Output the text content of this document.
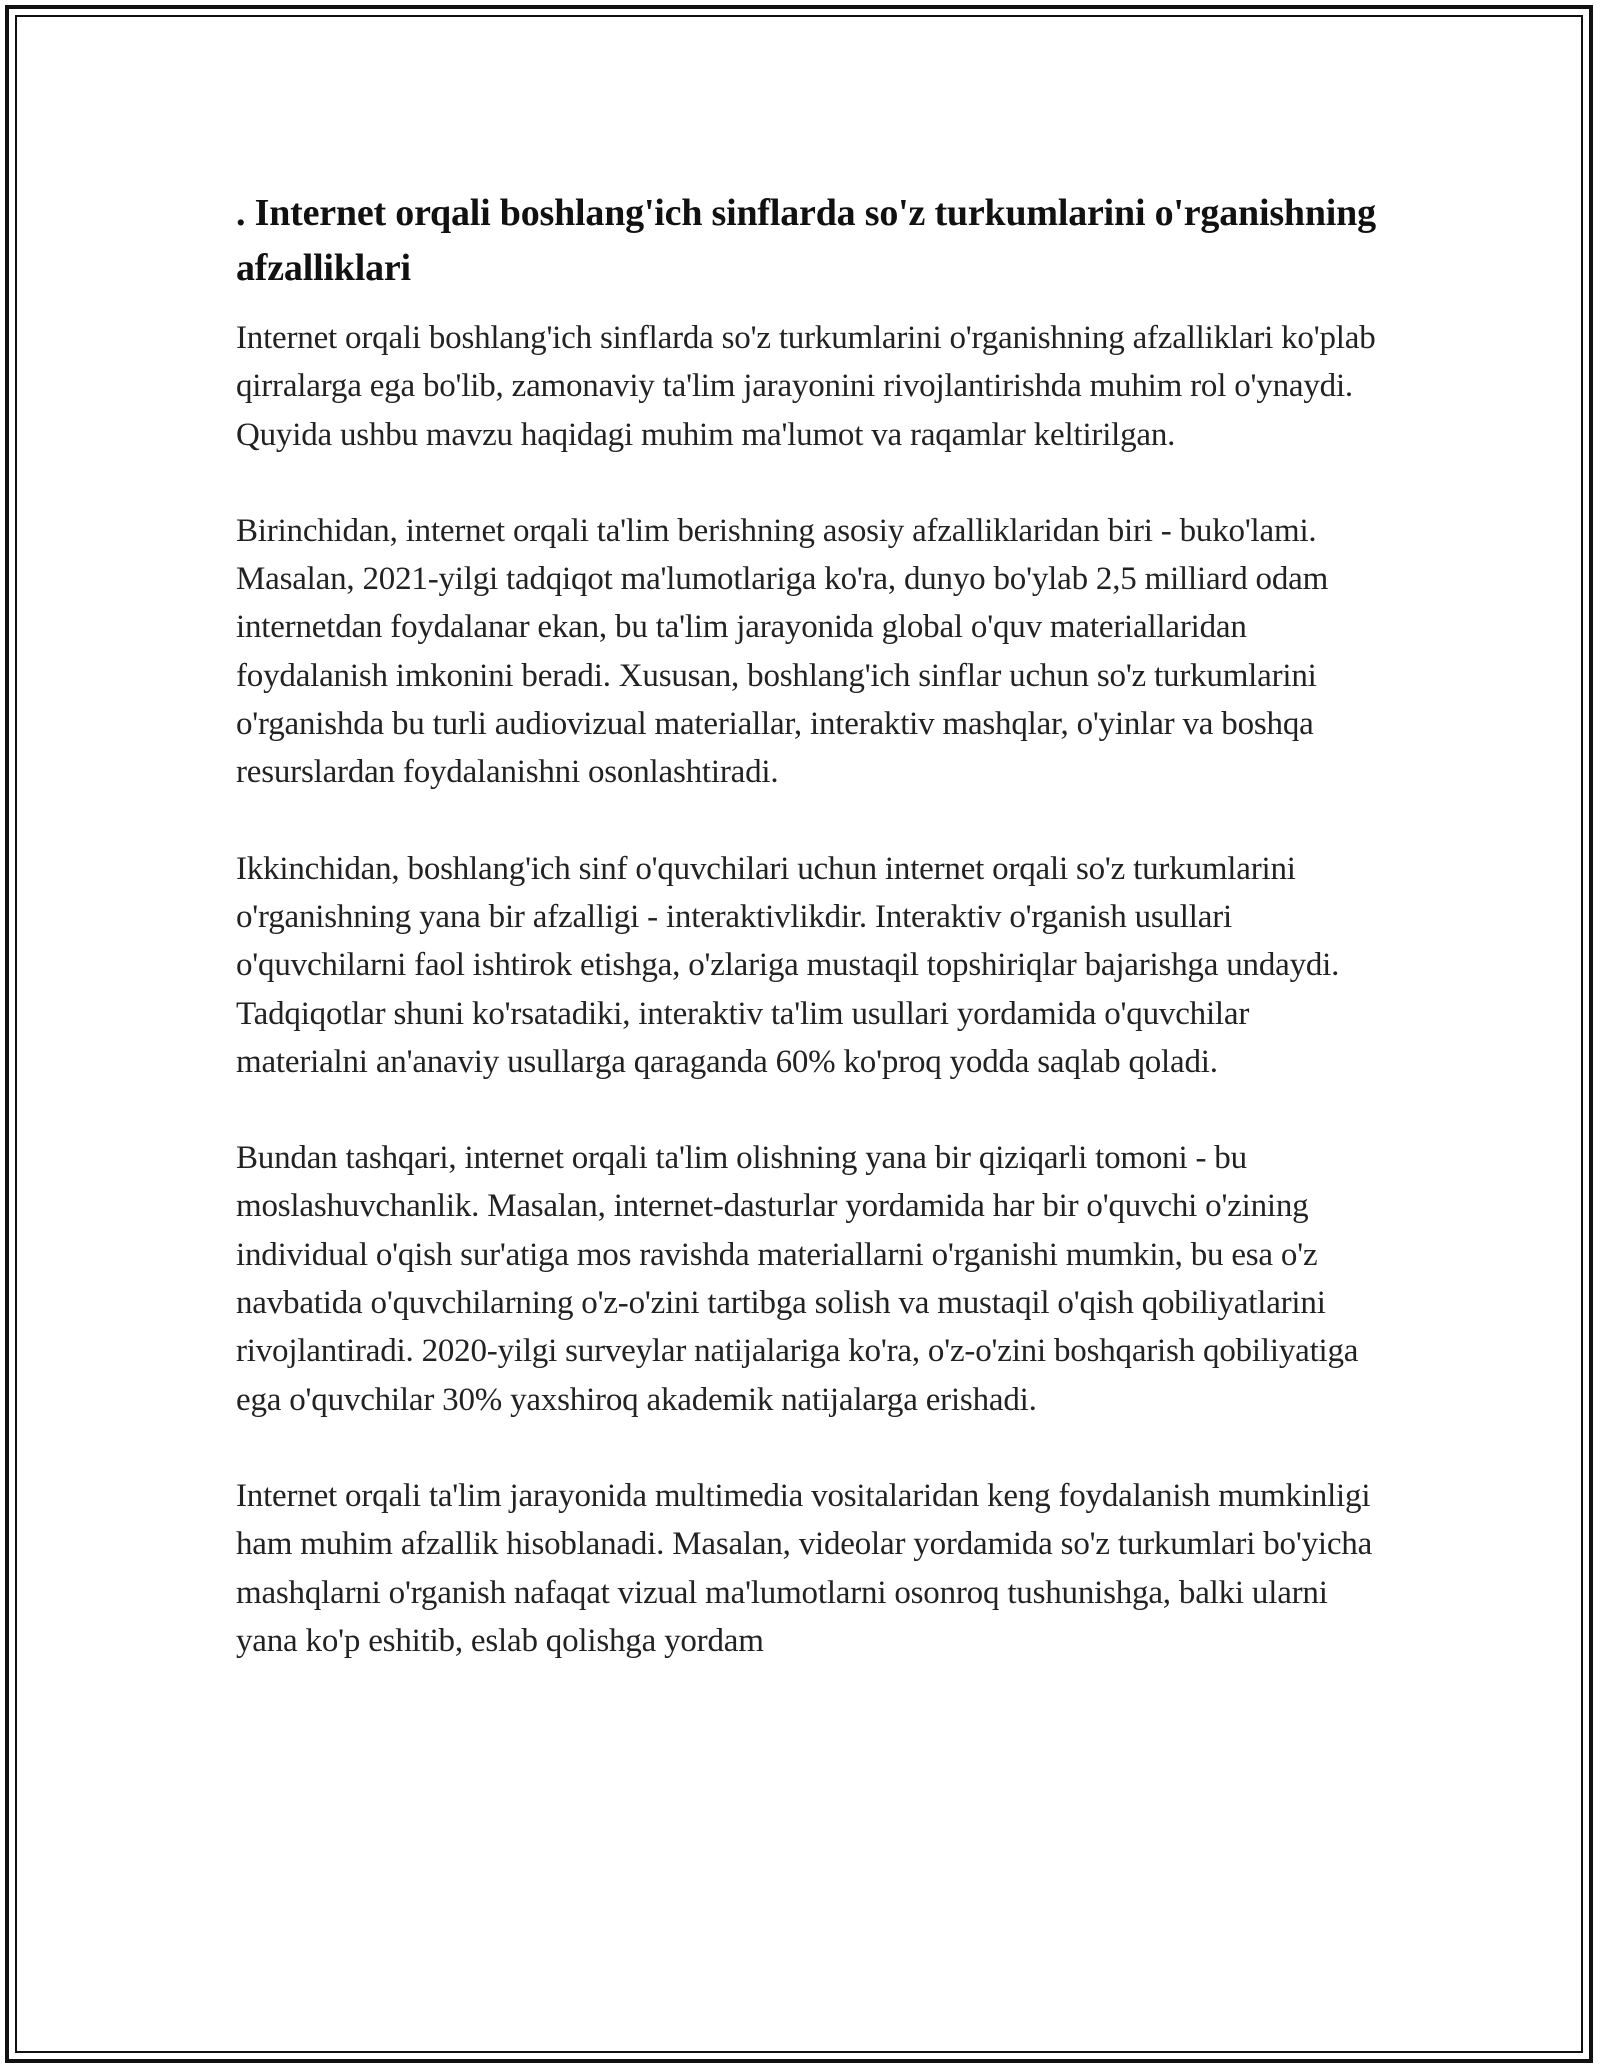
. Internet orqali boshlang'ich sinflarda so'z turkumlarini o'rganishning afzalliklari

Internet orqali boshlang'ich sinflarda so'z turkumlarini o'rganishning afzalliklari ko'plab qirralarga ega bo'lib, zamonaviy ta'lim jarayonini rivojlantirishda muhim rol o'ynaydi. Quyida ushbu mavzu haqidagi muhim ma'lumot va raqamlar keltirilgan.

Birinchidan, internet orqali ta'lim berishning asosiy afzalliklaridan biri - buko'lami. Masalan, 2021-yilgi tadqiqot ma'lumotlariga ko'ra, dunyo bo'ylab 2,5 milliard odam internetdan foydalanar ekan, bu ta'lim jarayonida global o'quv materiallaridan foydalanish imkonini beradi. Xususan, boshlang'ich sinflar uchun so'z turkumlarini o'rganishda bu turli audiovizual materiallar, interaktiv mashqlar, o'yinlar va boshqa resurslardan foydalanishni osonlashtiradi.

Ikkinchidan, boshlang'ich sinf o'quvchilari uchun internet orqali so'z turkumlarini o'rganishning yana bir afzalligi - interaktivlikdir. Interaktiv o'rganish usullari o'quvchilarni faol ishtirok etishga, o'zlariga mustaqil topshiriqlar bajarishga undaydi. Tadqiqotlar shuni ko'rsatadiki, interaktiv ta'lim usullari yordamida o'quvchilar materialni an'anaviy usullarga qaraganda 60% ko'proq yodda saqlab qoladi.

Bundan tashqari, internet orqali ta'lim olishning yana bir qiziqarli tomoni - bu moslashuvchanlik. Masalan, internet-dasturlar yordamida har bir o'quvchi o'zining individual o'qish sur'atiga mos ravishda materiallarni o'rganishi mumkin, bu esa o'z navbatida o'quvchilarning o'z-o'zini tartibga solish va mustaqil o'qish qobiliyatlarini rivojlantiradi. 2020-yilgi surveylar natijalariga ko'ra, o'z-o'zini boshqarish qobiliyatiga ega o'quvchilar 30% yaxshiroq akademik natijalarga erishadi.

Internet orqali ta'lim jarayonida multimedia vositalaridan keng foydalanish mumkinligi ham muhim afzallik hisoblanadi. Masalan, videolar yordamida so'z turkumlari bo'yicha mashqlarni o'rganish nafaqat vizual ma'lumotlarni osonroq tushunishga, balki ularni yana ko'p eshitib, eslab qolishga yordam
